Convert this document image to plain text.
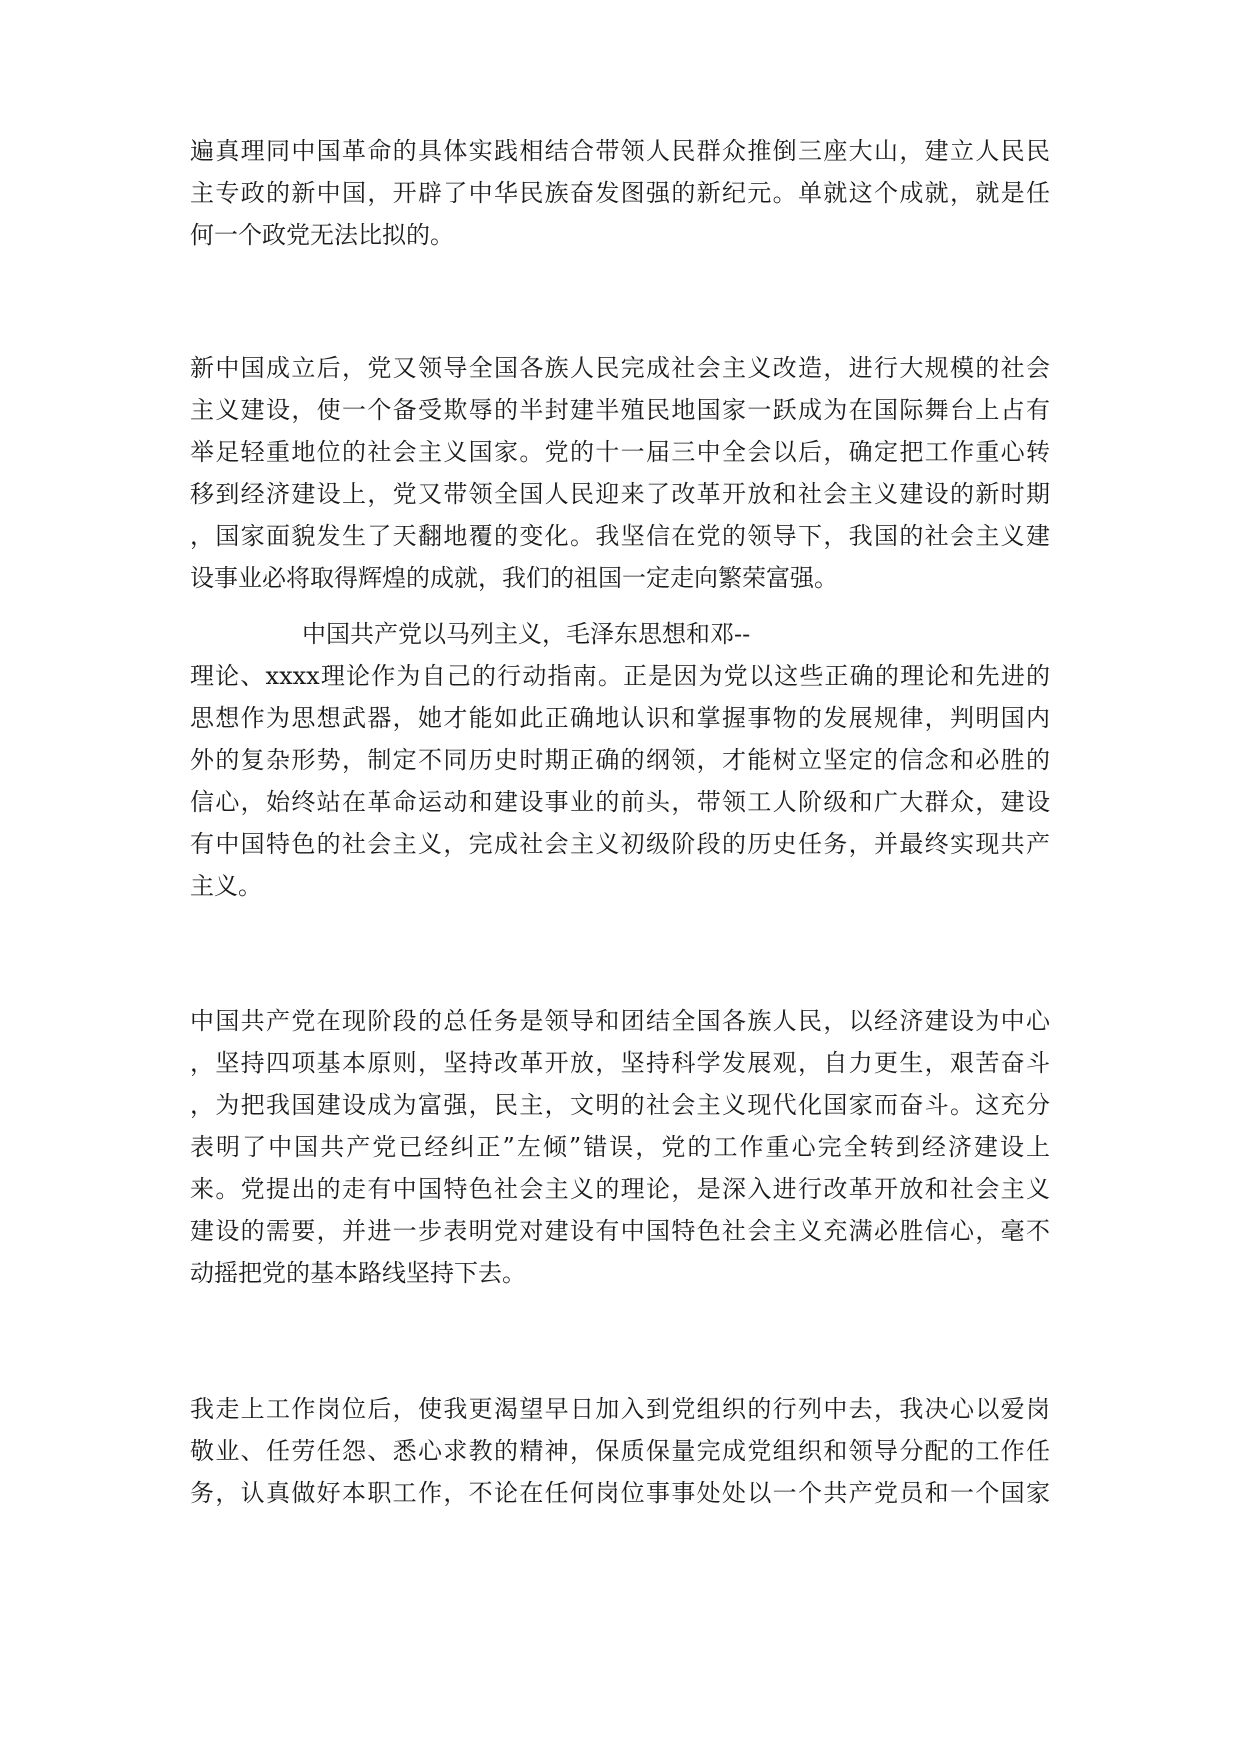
遍真理同中国革命的具体实践相结合带领人民群众推倒三座大山，建立人民民
主专政的新中国，开辟了中华民族奋发图强的新纪元。单就这个成就，就是任
何一个政党无法比拟的。
新中国成立后，党又领导全国各族人民完成社会主义改造，进行大规模的社会
主义建设，使一个备受欺辱的半封建半殖民地国家一跃成为在国际舞台上占有
举足轻重地位的社会主义国家。党的十一届三中全会以后，确定把工作重心转
移到经济建设上，党又带领全国人民迎来了改革开放和社会主义建设的新时期
，国家面貌发生了天翻地覆的变化。我坚信在党的领导下，我国的社会主义建
设事业必将取得辉煌的成就，我们的祖国一定走向繁荣富强。
中国共产党以马列主义，毛泽东思想和邓--
理论、xxxx理论作为自己的行动指南。正是因为党以这些正确的理论和先进的
思想作为思想武器，她才能如此正确地认识和掌握事物的发展规律，判明国内
外的复杂形势，制定不同历史时期正确的纲领，才能树立坚定的信念和必胜的
信心，始终站在革命运动和建设事业的前头，带领工人阶级和广大群众，建设
有中国特色的社会主义，完成社会主义初级阶段的历史任务，并最终实现共产
主义。
中国共产党在现阶段的总任务是领导和团结全国各族人民，以经济建设为中心
，坚持四项基本原则，坚持改革开放，坚持科学发展观，自力更生，艰苦奋斗
，为把我国建设成为富强，民主，文明的社会主义现代化国家而奋斗。这充分
表明了中国共产党已经纠正”左倾”错误，党的工作重心完全转到经济建设上
来。党提出的走有中国特色社会主义的理论，是深入进行改革开放和社会主义
建设的需要，并进一步表明党对建设有中国特色社会主义充满必胜信心，毫不
动摇把党的基本路线坚持下去。
我走上工作岗位后，使我更渴望早日加入到党组织的行列中去，我决心以爱岗
敬业、任劳任怨、悉心求教的精神，保质保量完成党组织和领导分配的工作任
务，认真做好本职工作，不论在任何岗位事事处处以一个共产党员和一个国家
